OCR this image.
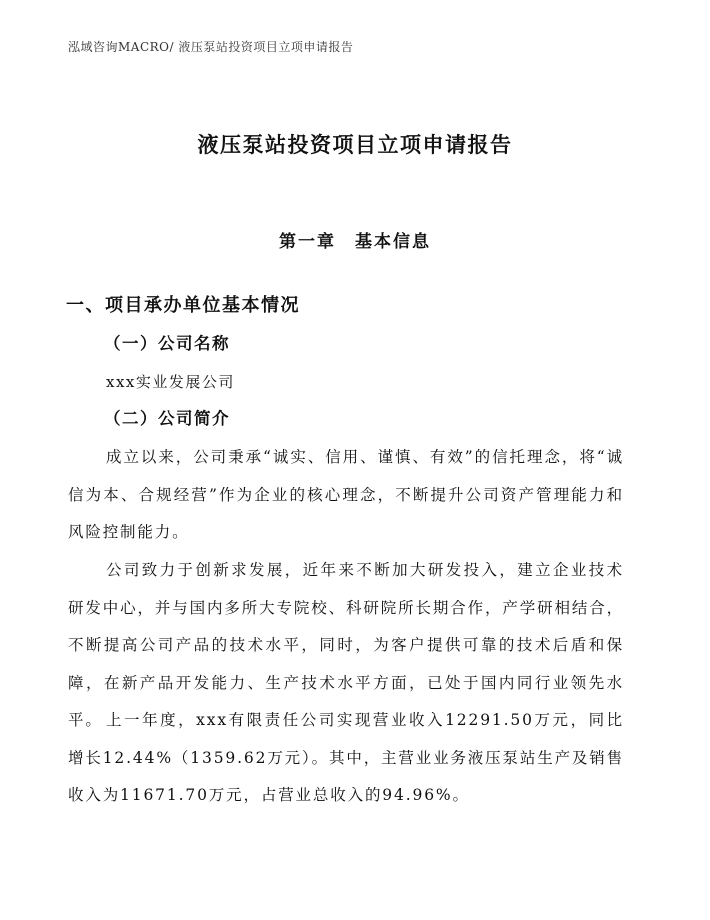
泓域咨询MACRO/ 液压泵站投资项目立项申请报告
液压泵站投资项目立项申请报告
第一章　基本信息
一、项目承办单位基本情况
（一）公司名称
xxx实业发展公司
（二）公司简介

成立以来，公司秉承“诚实、信用、谨慎、有效”的信托理念，将“诚信为本、合规经营”作为企业的核心理念，不断提升公司资产管理能力和风险控制能力。

公司致力于创新求发展，近年来不断加大研发投入，建立企业技术研发中心，并与国内多所大专院校、科研院所长期合作，产学研相结合，不断提高公司产品的技术水平，同时，为客户提供可靠的技术后盾和保障，在新产品开发能力、生产技术水平方面，已处于国内同行业领先水平。 上一年度，xxx有限责任公司实现营业收入12291.50万元，同比增长12.44%（1359.62万元）。其中，主营业业务液压泵站生产及销售收入为11671.70万元，占营业总收入的94.96%。
